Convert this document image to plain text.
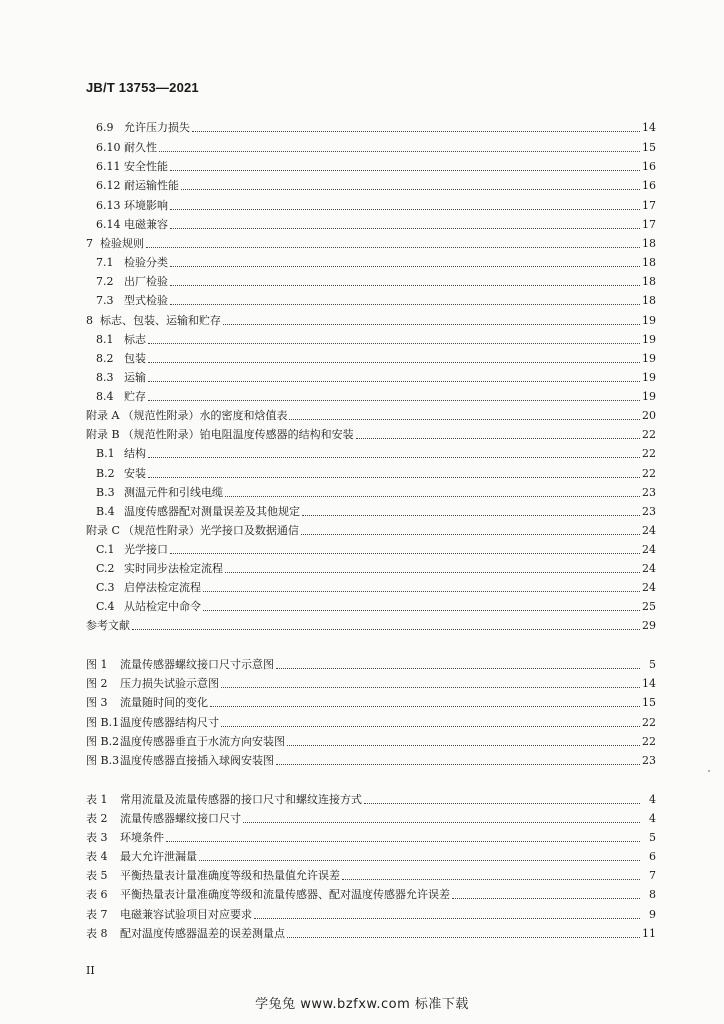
JB/T 13753—2021
6.9 允许压力损失	14
6.10 耐久性	15
6.11 安全性能	16
6.12 耐运输性能	16
6.13 环境影响	17
6.14 电磁兼容	17
7 检验规则	18
7.1 检验分类	18
7.2 出厂检验	18
7.3 型式检验	18
8 标志、包装、运输和贮存	19
8.1 标志	19
8.2 包装	19
8.3 运输	19
8.4 贮存	19
附录 A （规范性附录）水的密度和焓值表	20
附录 B （规范性附录）铂电阻温度传感器的结构和安装	22
B.1 结构	22
B.2 安装	22
B.3 测温元件和引线电缆	23
B.4 温度传感器配对测量误差及其他规定	23
附录 C （规范性附录）光学接口及数据通信	24
C.1 光学接口	24
C.2 实时同步法检定流程	24
C.3 启停法检定流程	24
C.4 从站检定中命令	25
参考文献	29
图 1	流量传感器螺纹接口尺寸示意图	5
图 2	压力损失试验示意图	14
图 3	流量随时间的变化	15
图 B.1 温度传感器结构尺寸	22
图 B.2 温度传感器垂直于水流方向安装图	22
图 B.3 温度传感器直接插入球阀安装图	23
表 1	常用流量及流量传感器的接口尺寸和螺纹连接方式	4
表 2	流量传感器螺纹接口尺寸	4
表 3	环境条件	5
表 4	最大允许泄漏量	6
表 5	平衡热量表计量准确度等级和热量值允许误差	7
表 6	平衡热量表计量准确度等级和流量传感器、配对温度传感器允许误差	8
表 7	电磁兼容试验项目对应要求	9
表 8	配对温度传感器温差的误差测量点	11
II
学兔兔 www.bzfxw.com 标准下载
